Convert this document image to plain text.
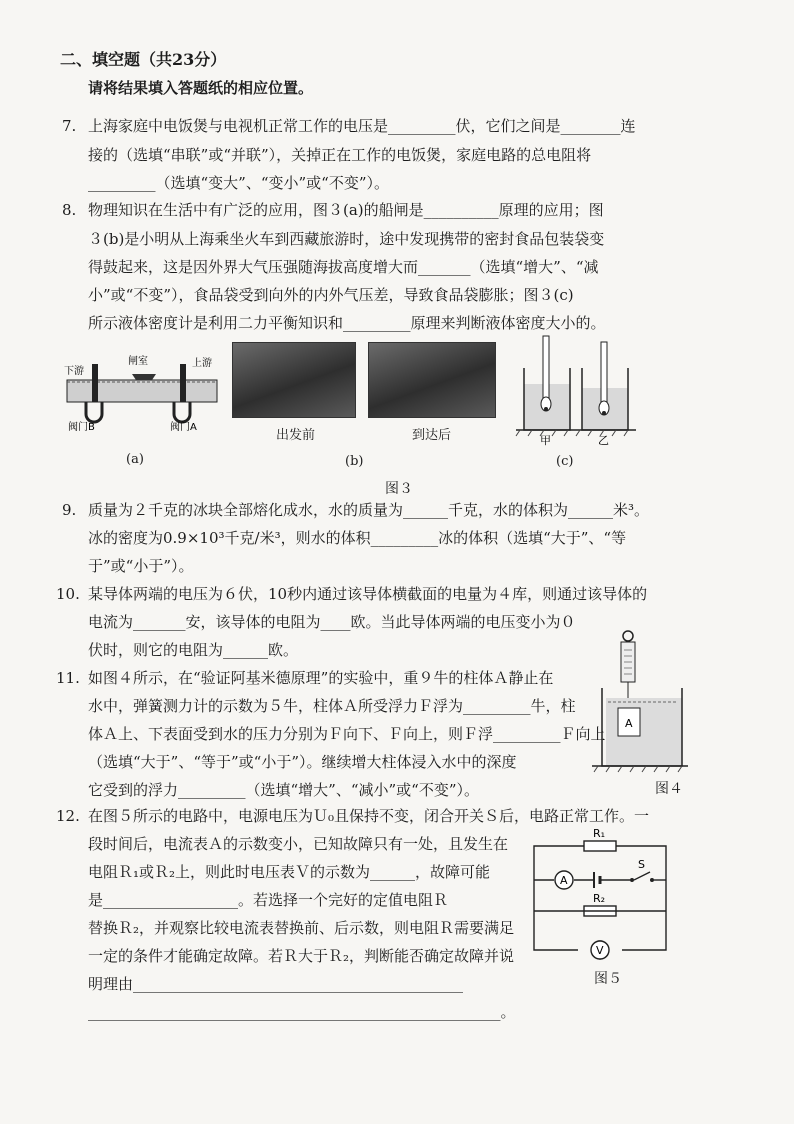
二、填空题（共23分）
请将结果填入答题纸的相应位置。
7. 上海家庭中电饭煲与电视机正常工作的电压是_________伏，它们之间是________连
接的（选填“串联”或“并联”），关掉正在工作的电饭煲，家庭电路的总电阻将
_________（选填“变大”、“变小”或“不变”）。
8. 物理知识在生活中有广泛的应用，图３(a)的船闸是__________原理的应用；图
３(b)是小明从上海乘坐火车到西藏旅游时，途中发现携带的密封食品包装袋变
得鼓起来，这是因外界大气压强随海拔高度增大而_______（选填“增大”、“减
小”或“不变”），食品袋受到向外的内外气压差，导致食品袋膨胀；图３(c)
所示液体密度计是利用二力平衡知识和_________原理来判断液体密度大小的。
下游
闸室	上游
阀门B	阀门A
(a)
出发前	到达后
(b)
甲	乙
(c)
图３
9. 质量为２千克的冰块全部熔化成水，水的质量为______千克，水的体积为______米³。
冰的密度为0.9×10³千克/米³，则水的体积_________冰的体积（选填“大于”、“等
于”或“小于”）。
10. 某导体两端的电压为６伏，10秒内通过该导体横截面的电量为４库，则通过该导体的
电流为_______安，该导体的电阻为____欧。当此导体两端的电压变小为０
伏时，则它的电阻为______欧。
11. 如图４所示，在“验证阿基米德原理”的实验中，重９牛的柱体Ａ静止在
水中，弹簧测力计的示数为５牛，柱体Ａ所受浮力Ｆ浮为_________牛，柱
体Ａ上、下表面受到水的压力分别为Ｆ向下、Ｆ向上，则Ｆ浮_________Ｆ向上
（选填“大于”、“等于”或“小于”）。继续增大柱体浸入水中的深度
它受到的浮力_________（选填“增大”、“减小”或“不变”）。
A
图４
12. 在图５所示的电路中，电源电压为Ｕ₀且保持不变，闭合开关Ｓ后，电路正常工作。一
段时间后，电流表Ａ的示数变小，已知故障只有一处，且发生在
电阻Ｒ₁或Ｒ₂上，则此时电压表Ｖ的示数为______，故障可能
是__________________。若选择一个完好的定值电阻Ｒ
替换Ｒ₂，并观察比较电流表替换前、后示数，则电阻Ｒ需要满足
一定的条件才能确定故障。若Ｒ大于Ｒ₂，判断能否确定故障并说
明理由____________________________________________
_______________________________________________________。
R₁
R₂
S
A
V
图５
